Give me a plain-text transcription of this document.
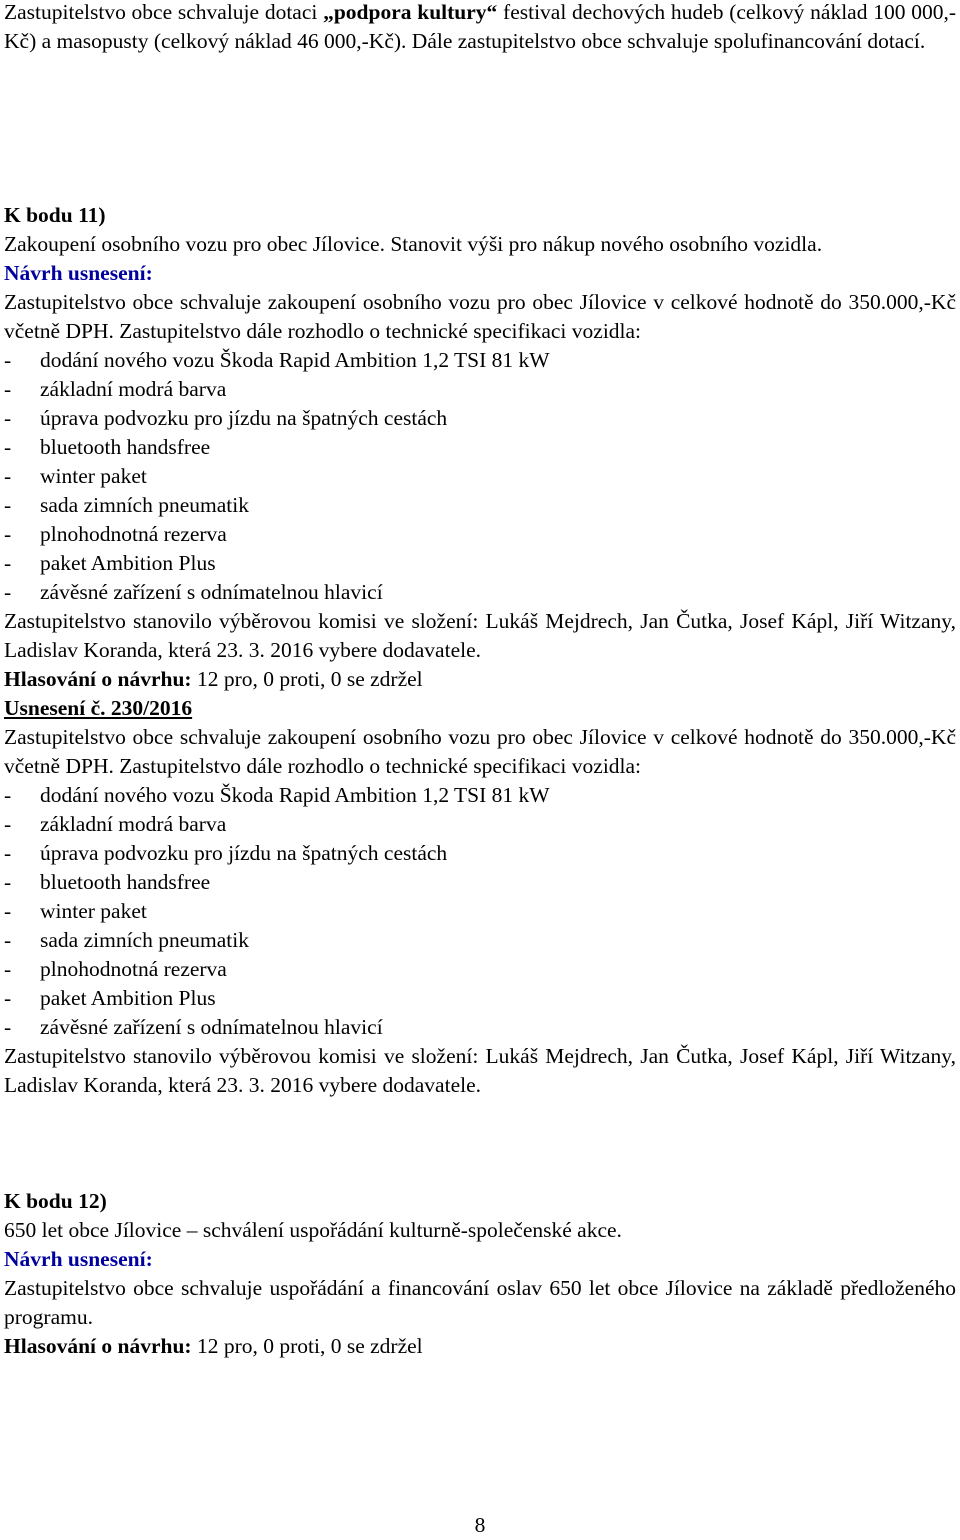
Zastupitelstvo obce schvaluje dotaci „podpora kultury“ festival dechových hudeb (celkový náklad 100 000,-Kč) a masopusty (celkový náklad 46 000,-Kč). Dále zastupitelstvo obce schvaluje spolufinancování dotací.

K bodu 11)

Zakoupení osobního vozu pro obec Jílovice. Stanovit výši pro nákup nového osobního vozidla.

Návrh usnesení:

Zastupitelstvo obce schvaluje zakoupení osobního vozu pro obec Jílovice v celkové hodnotě do 350.000,-Kč včetně DPH. Zastupitelstvo dále rozhodlo o technické specifikaci vozidla:

- dodání nového vozu Škoda Rapid Ambition 1,2 TSI 81 kW
- základní modrá barva
- úprava podvozku pro jízdu na špatných cestách
- bluetooth handsfree
- winter paket
- sada zimních pneumatik
- plnohodnotná rezerva
- paket Ambition Plus
- závěsné zařízení s odnímatelnou hlavicí

Zastupitelstvo stanovilo výběrovou komisi ve složení: Lukáš Mejdrech, Jan Čutka, Josef Kápl, Jiří Witzany, Ladislav Koranda, která 23. 3. 2016 vybere dodavatele.

Hlasování o návrhu: 12 pro, 0 proti, 0 se zdržel

Usnesení č. 230/2016

Zastupitelstvo obce schvaluje zakoupení osobního vozu pro obec Jílovice v celkové hodnotě do 350.000,-Kč včetně DPH. Zastupitelstvo dále rozhodlo o technické specifikaci vozidla:

- dodání nového vozu Škoda Rapid Ambition 1,2 TSI 81 kW
- základní modrá barva
- úprava podvozku pro jízdu na špatných cestách
- bluetooth handsfree
- winter paket
- sada zimních pneumatik
- plnohodnotná rezerva
- paket Ambition Plus
- závěsné zařízení s odnímatelnou hlavicí

Zastupitelstvo stanovilo výběrovou komisi ve složení: Lukáš Mejdrech, Jan Čutka, Josef Kápl, Jiří Witzany, Ladislav Koranda, která 23. 3. 2016 vybere dodavatele.

K bodu 12)

650 let obce Jílovice – schválení uspořádání kulturně-společenské akce.

Návrh usnesení:

Zastupitelstvo obce schvaluje uspořádání a financování oslav 650 let obce Jílovice na základě předloženého programu.

Hlasování o návrhu: 12 pro, 0 proti, 0 se zdržel

8
